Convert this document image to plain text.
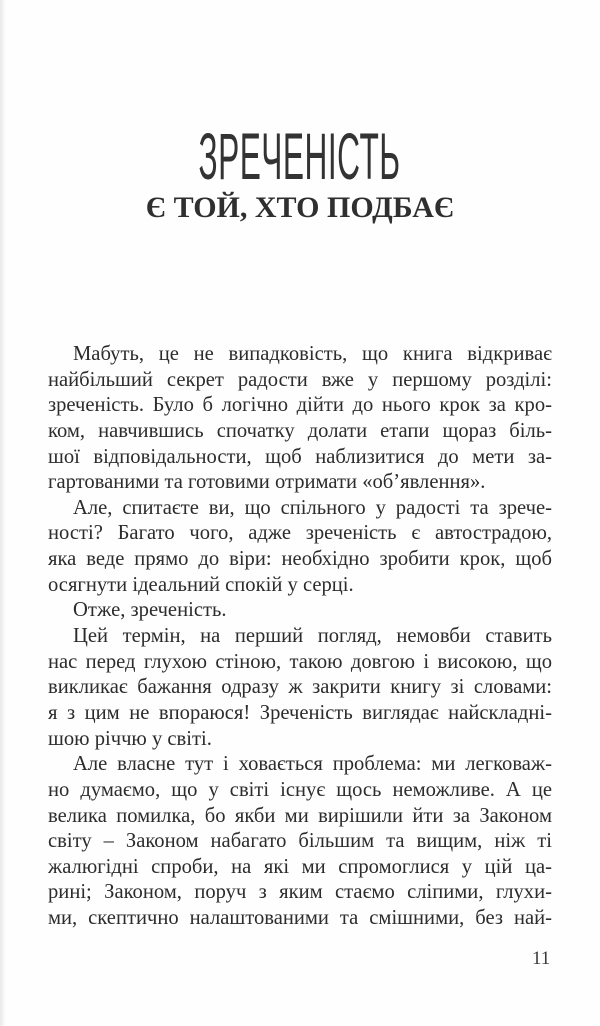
ЗРЕЧЕНІСТЬ
Є ТОЙ, ХТО ПОДБАЄ
Мабуть, це не випадковість, що книга відкриває
найбільший секрет радости вже у першому розділі:
зреченість. Було б логічно дійти до нього крок за кро-
ком, навчившись спочатку долати етапи щораз біль-
шої відповідальности, щоб наблизитися до мети за-
гартованими та готовими отримати «об’явлення».
Але, спитаєте ви, що спільного у радості та зрече-
ності? Багато чого, адже зреченість є автострадою,
яка веде прямо до віри: необхідно зробити крок, щоб
осягнути ідеальний спокій у серці.
Отже, зреченість.
Цей термін, на перший погляд, немовби ставить
нас перед глухою стіною, такою довгою і високою, що
викликає бажання одразу ж закрити книгу зі словами:
я з цим не впораюся! Зреченість виглядає найскладні-
шою річчю у світі.
Але власне тут і ховається проблема: ми легковаж-
но думаємо, що у світі існує щось неможливе. А це
велика помилка, бо якби ми вирішили йти за Законом
світу – Законом набагато більшим та вищим, ніж ті
жалюгідні спроби, на які ми спромоглися у цій ца-
рині; Законом, поруч з яким стаємо сліпими, глухи-
ми, скептично налаштованими та смішними, без най-
11
